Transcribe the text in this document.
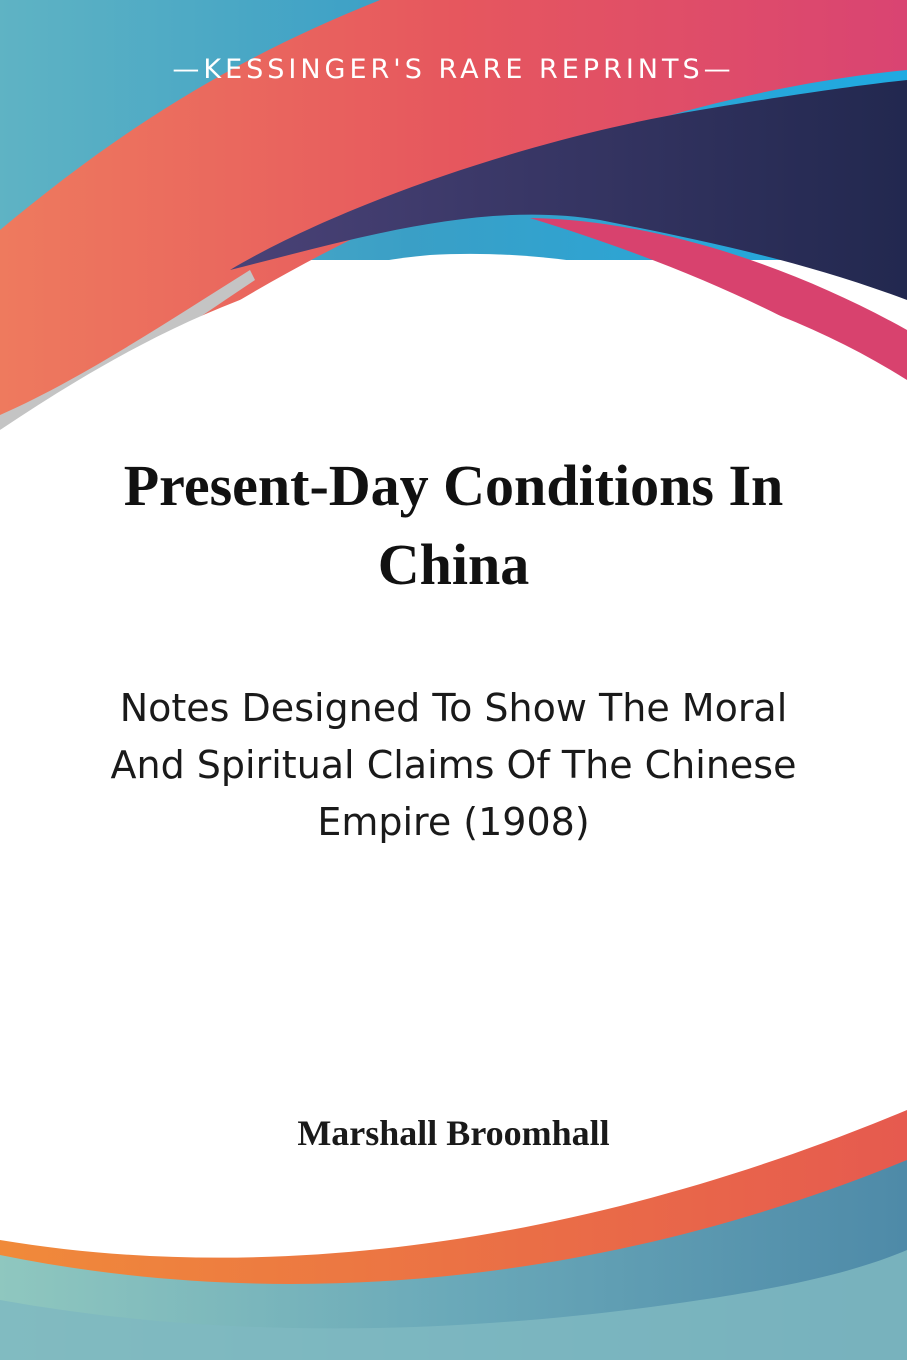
—KESSINGER'S RARE REPRINTS—
Present-Day Conditions In China

Notes Designed To Show The Moral And Spiritual Claims Of The Chinese Empire (1908)

Marshall Broomhall
